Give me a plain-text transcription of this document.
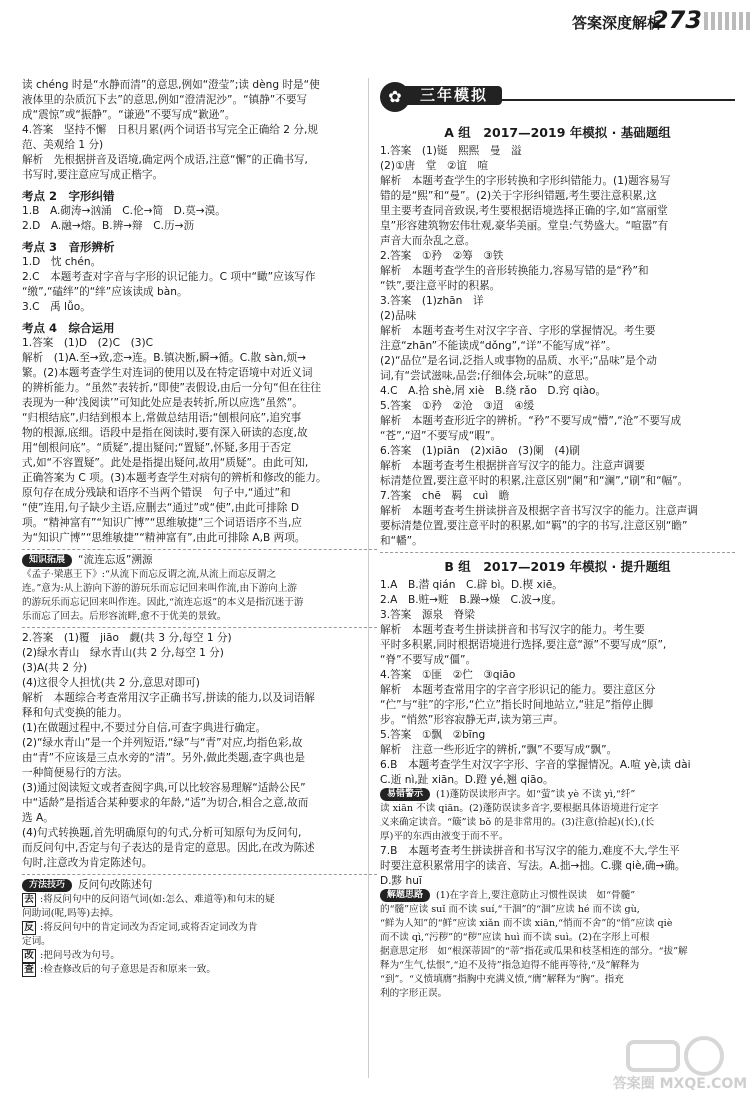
答案深度解析
273

读 chéng 时是“水静而清”的意思,例如“澄莹”;读 dèng 时是“使

液体里的杂质沉下去”的意思,例如“澄清泥沙”。“镇静”不要写

成“震惊”或“振静”。“谦逊”不要写成“歉逊”。

4.答案　坚持不懈　日积月累(两个词语书写完全正确给 2 分,规

范、美观给 1 分)

解析　先根据拼音及语境,确定两个成语,注意“懈”的正确书写,

书写时,要注意应写成正楷字。

考点 2　字形纠错

1.B　A.砌涛→汹涌　C.伦→简　D.莫→漠。

2.D　A.融→熔。B.辨→辩　C.历→沥

考点 3　音形辨析

1.D　忱 chén。

2.C　本题考查对字音与字形的识记能力。C 项中“瞰”应该写作

“缴”,“磕绊”的“绊”应该读成 bàn。

3.C　禹 lǚo。

考点 4　综合运用

1.答案　(1)D　(2)C　(3)C

解析　(1)A.至→致,恋→连。B.镇决断,瞬→循。C.散 sàn,烦→

繁。(2)本题考查学生对连词的使用以及在特定语境中对近义词

的辨析能力。“虽然”表转折,“即使”表假设,由后一分句“但在往往

表现为一种‘浅阅读’”可知此处应是表转折,所以应选“虽然”。

“归根结底”,归结到根本上,常做总结用语;“刨根问底”,追究事

物的根源,底细。语段中是指在阅读时,要有深入研读的态度,故

用“刨根问底”。“质疑”,提出疑问;“置疑”,怀疑,多用于否定

式,如“不容置疑”。此处是指提出疑问,故用“质疑”。由此可知,

正确答案为 C 项。(3)本题考查学生对病句的辨析和修改的能力。

原句存在成分残缺和语序不当两个错误　句子中,“通过”和

“使”连用,句子缺少主语,应删去“通过”或“使”,由此可排除 D

项。“精神富有”“知识广博”“思维敏捷”三个词语语序不当,应

为“知识广博”“思维敏捷”“精神富有”,由此可排除 A,B 两项。

知识拓展 “流连忘返”溯源

《孟子·梁惠王下》:“从流下而忘反谓之流,从流上而忘反谓之

连。”意为:从上游向下游的游玩乐而忘记回来叫作流,由下游向上游

的游玩乐而忘记回来叫作连。因此,“流连忘返”的本义是指沉迷于游

乐而忘了回去。后形容流畔,愈不于优美的景致。

2.答案　(1)覆　jiāo　觑(共 3 分,每空 1 分)

(2)绿水青山　绿水青山(共 2 分,每空 1 分)

(3)A(共 2 分)

(4)这很令人担忧(共 2 分,意思对即可)

解析　本题综合考查常用汉字正确书写,拼读的能力,以及词语解

释和句式变换的能力。

(1)在做题过程中,不要过分自信,可查字典进行确定。

(2)“绿水青山”是一个并列短语,“绿”与“青”对应,均指色彩,故

由“青”不应该是三点水旁的“清”。另外,做此类题,查字典也是

一种简便易行的方法。

(3)通过阅读短文或者查阅字典,可以比较容易理解“适龄公民”

中“适龄”是指适合某种要求的年龄,“适”为切合,相合之意,故而

选 A。

(4)句式转换题,首先明确原句的句式,分析可知原句为反问句,

而反问句中,否定与句子表达的是肯定的意思。因此,在改为陈述

句时,注意改为肯定陈述句。

方法技巧 反问句改陈述句

去 :将反问句中的反问语气词(如:怎么、难道等)和句末的疑

问助词(呢,吗等)去掉。

反 :将反问句中的肯定词改为否定词,或将否定词改为肯

定词。

改 :把问号改为句号。

查 :检查修改后的句子意思是否和原来一致。

✿	三年模拟

A 组　2017—2019 年模拟 · 基础题组

1.答案　(1)铤　熙熙　曼　溢

(2)①唐　堂　②谊　喧

解析　本题考查学生的字形转换和字形纠错能力。(1)题容易写

错的是“熙”和“曼”。(2)关于字形纠错题,考生要注意积累,这

里主要考查同音致误,考生要根据语境选择正确的字,如“富丽堂

皇”形容建筑物宏伟壮观,豪华美丽。堂皇:气势盛大。“喧嚣”有

声音大而杂乱之意。

2.答案　①矜　②筹　③铁

解析　本题考查学生的音形转换能力,容易写错的是“矜”和

“铁”,要注意平时的积累。

3.答案　(1)zhān　详

(2)品味

解析　本题考查考生对汉字字音、字形的掌握情况。考生要

注意“zhān”不能读成“dǒng”,“详”不能写成“祥”。

(2)“品位”是名词,泛指人或事物的品质、水平;“品味”是个动

词,有“尝试滋味,品尝;仔细体会,玩味”的意思。

4.C　A.拾 shè,屑 xiè　B.绕 rǎo　D.窍 qiào。

5.答案　①矜　②沧　③迢　④缓

解析　本题考查形近字的辨析。“矜”不要写成“懵”,“沧”不要写成

“苍”,“迢”不要写成“暇”。

6.答案　(1)piān　(2)xiāo　(3)阑　(4)刷

解析　本题考查考生根据拼音写汉字的能力。注意声调要

标清楚位置,要注意平时的积累,注意区别“阑”和“澜”,“刷”和“幅”。

7.答案　chē　羁　cuì　瞻

解析　本题考查考生拼读拼音及根据字音书写汉字的能力。注意声调

要标清楚位置,要注意平时的积累,如“羁”的字的书写,注意区别“瞻”

和“幡”。

B 组　2017—2019 年模拟 · 提升题组

1.A　B.潜 qián　C.辟 bì。D.楔 xiē。

2.A　B.赃→赃　B.躁→燥　C.波→度。

3.答案　源泉　脊梁

解析　本题考查考生拼读拼音和书写汉字的能力。考生要

平时多积累,同时根据语境进行选择,要注意“源”不要写成“原”,

“脊”不要写成“僵”。

4.答案　①匪　②伫　③qiāo

解析　本题考查常用字的字音字形识记的能力。要注意区分

“伫”与“驻”的字形,“伫立”指长时间地站立,“驻足”指停止脚

步。“悄然”形容寂静无声,读为第三声。

5.答案　①飘　②bīng

解析　注意一些形近字的辨析,“飘”不要写成“飘”。

6.B　本题考查学生对汉字字形、字音的掌握情况。A.喧 yè,读 dài

C.逝 nì,趾 xiān。D.蹬 yé,翘 qiāo。

易错警示 (1)蓬防误读形声字。如“萤”读 yè 不读 yì,“纤”

读 xiān 不读 qiān。(2)蓬防误读多音字,要根据具体语境进行定字

义来确定读音。“簸”读 bǒ 的是非常用的。(3)注意(拾起)(长),(长

厚)平的东西由液变于而不平。

7.B　本题考查考生拼读拼音和书写汉字的能力,难度不大,学生平

时要注意积累常用字的读音、写法。A.拙→拙。C.骤 qiè,确→确。

D.黟 huī

解题思路 (1)在字音上,要注意防止习惯性误读　如“骨髓”

的“髓”应读 suǐ 而不读 suí,“干涸”的“涸”应读 hé 而不读 gù,

“鲜为人知”的“鲜”应读 xiǎn 而不读 xiān,“悄而不舍”的“悄”应读 qiè

而不读 qì,“污秽”的“秽”应读 huì 而不读 suì。(2)在字形上可根

据意思定形　如“根深蒂固”的“蒂”指花或瓜果和枝茎相连的部分。“拔”解

释为“生气,怯恨”,“迫不及待”指急迫得不能再等待,“及”解释为

“到”。“义愤填膺”指胸中充满义愤,“膺”解释为“胸”。指充

利的字形正误。

答案圈 MXQE.COM
